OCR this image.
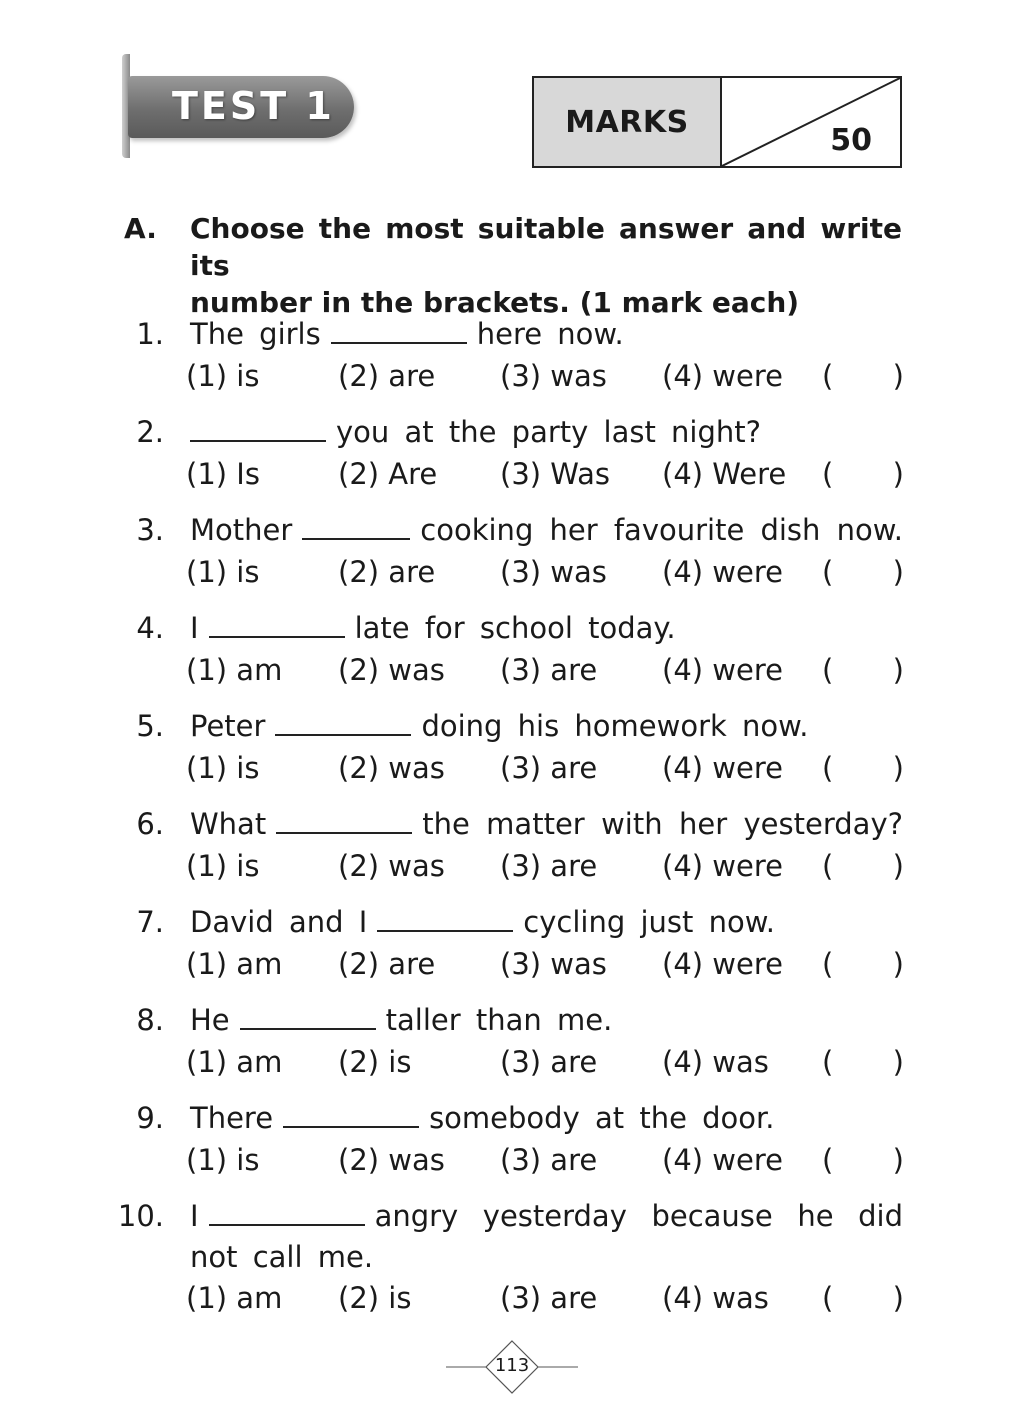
TEST 1	MARKS
50
A. Choose the most suitable answer and write its
number in the brackets. (1 mark each)
1. The girls	here now.
(1) is	(2) are (3) was (4) were ( )
2.	you at the party last night?
(1) Is	(2) Are (3) Was (4) Were ( )
3. Mother	cooking her favourite dish now.
(1) is	(2) are (3) was (4) were ( )
4. I	late for school today.
(1) am (2) was (3) are (4) were ( )
5. Peter	doing his homework now.
(1) is	(2) was (3) are (4) were ( )
6. What	the matter with her yesterday?
(1) is	(2) was (3) are (4) were ( )
7. David and I	cycling just now.
(1) am (2) are (3) was (4) were ( )
8. He	taller than me.
(1) am (2) is	(3) are (4) was ( )
9. There	somebody at the door.
(1) is	(2) was (3) are (4) were ( )
10. I	angry yesterday because he did
not call me.
(1) am (2) is	(3) are (4) was ( )
113
